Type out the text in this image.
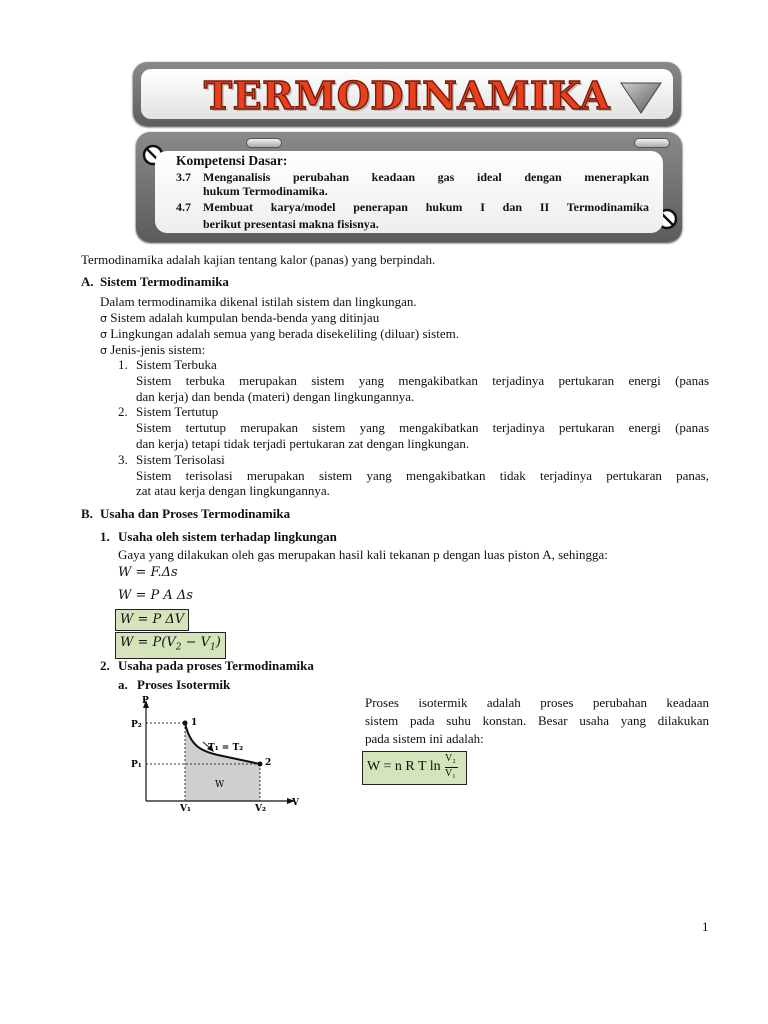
TERMODINAMIKA
Kompetensi Dasar:
3.7 Menganalisis perubahan keadaan gas ideal dengan menerapkan
hukum Termodinamika.
4.7 Membuat karya/model penerapan hukum I dan II Termodinamika
berikut presentasi makna fisisnya.
Termodinamika adalah kajian tentang kalor (panas) yang berpindah.
A. Sistem Termodinamika
Dalam termodinamika dikenal istilah sistem dan lingkungan.
σ Sistem adalah kumpulan benda-benda yang ditinjau
σ Lingkungan adalah semua yang berada disekeliling (diluar) sistem.
σ Jenis-jenis sistem:
1. Sistem Terbuka
Sistem terbuka merupakan sistem yang mengakibatkan terjadinya pertukaran energi (panas
dan kerja) dan benda (materi) dengan lingkungannya.
2. Sistem Tertutup
Sistem tertutup merupakan sistem yang mengakibatkan terjadinya pertukaran energi (panas
dan kerja) tetapi tidak terjadi pertukaran zat dengan lingkungan.
3. Sistem Terisolasi
Sistem terisolasi merupakan sistem yang mengakibatkan tidak terjadinya pertukaran panas,
zat atau kerja dengan lingkungannya.
B. Usaha dan Proses Termodinamika
1. Usaha oleh sistem terhadap lingkungan
Gaya yang dilakukan oleh gas merupakan hasil kali tekanan p dengan luas piston A, sehingga:
W = F.Δs
W = P A Δs
W = P ΔV
$W = P(V_2 - V_1)$
2. Usaha pada proses Termodinamika
a. Proses Isotermik
Proses isotermik adalah proses perubahan keadaan
sistem pada suhu konstan. Besar usaha yang dilakukan
pada sistem ini adalah:
W = n R T ln
V₂
V₁
P
V
P₂
P₁
V₁	V₂
1
2
T₁ = T₂
W
1
